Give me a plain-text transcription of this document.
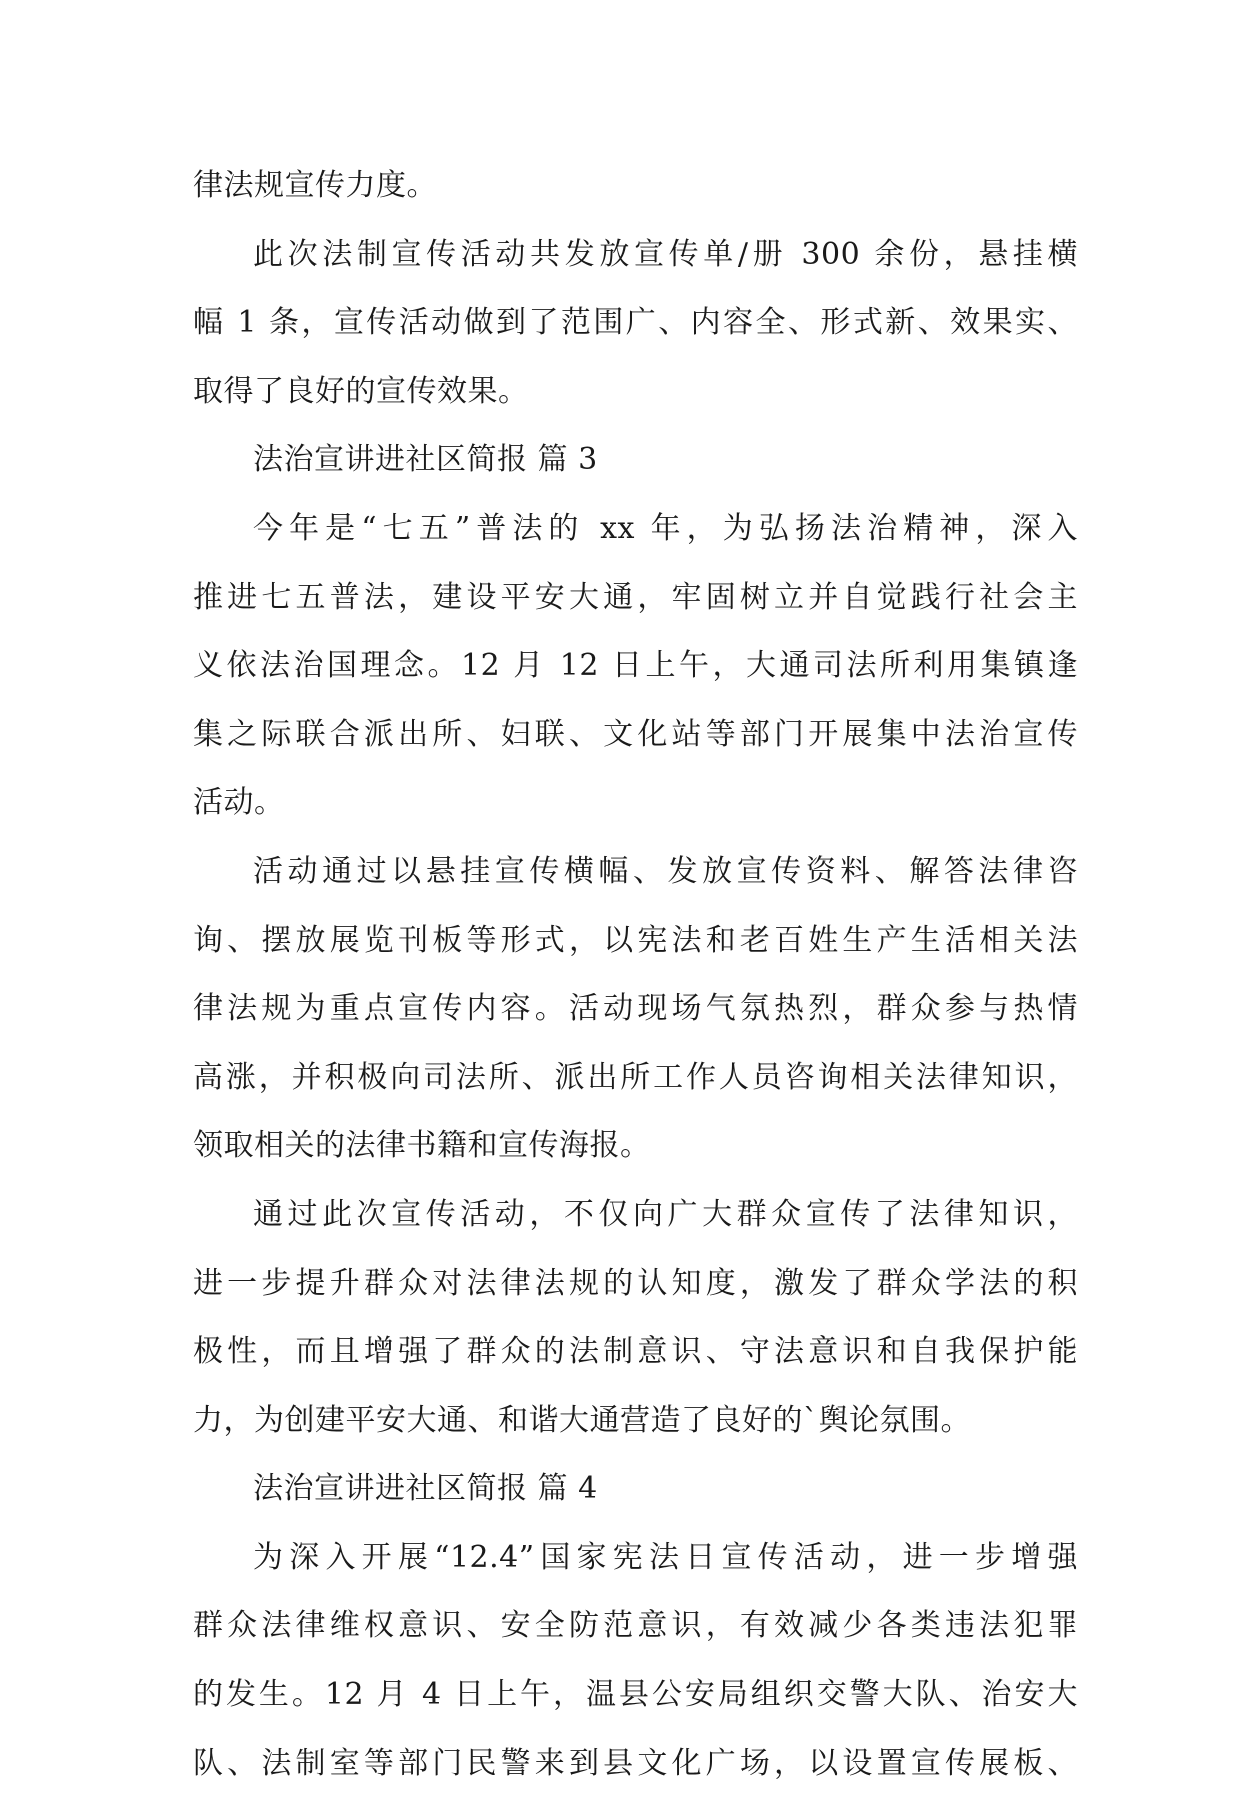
律法规宣传力度。
此次法制宣传活动共发放宣传单/册 300 余份，悬挂横
幅 1 条，宣传活动做到了范围广、内容全、形式新、效果实、
取得了良好的宣传效果。
法治宣讲进社区简报 篇 3
今年是“七五”普法的 xx 年，为弘扬法治精神，深入
推进七五普法，建设平安大通，牢固树立并自觉践行社会主
义依法治国理念。12 月 12 日上午，大通司法所利用集镇逢
集之际联合派出所、妇联、文化站等部门开展集中法治宣传
活动。
活动通过以悬挂宣传横幅、发放宣传资料、解答法律咨
询、摆放展览刊板等形式，以宪法和老百姓生产生活相关法
律法规为重点宣传内容。活动现场气氛热烈，群众参与热情
高涨，并积极向司法所、派出所工作人员咨询相关法律知识，
领取相关的法律书籍和宣传海报。
通过此次宣传活动，不仅向广大群众宣传了法律知识，
进一步提升群众对法律法规的认知度，激发了群众学法的积
极性，而且增强了群众的法制意识、守法意识和自我保护能
力，为创建平安大通、和谐大通营造了良好的`舆论氛围。
法治宣讲进社区简报 篇 4
为深入开展“12.4”国家宪法日宣传活动，进一步增强
群众法律维权意识、安全防范意识，有效减少各类违法犯罪
的发生。12 月 4 日上午，温县公安局组织交警大队、治安大
队、法制室等部门民警来到县文化广场，以设置宣传展板、
